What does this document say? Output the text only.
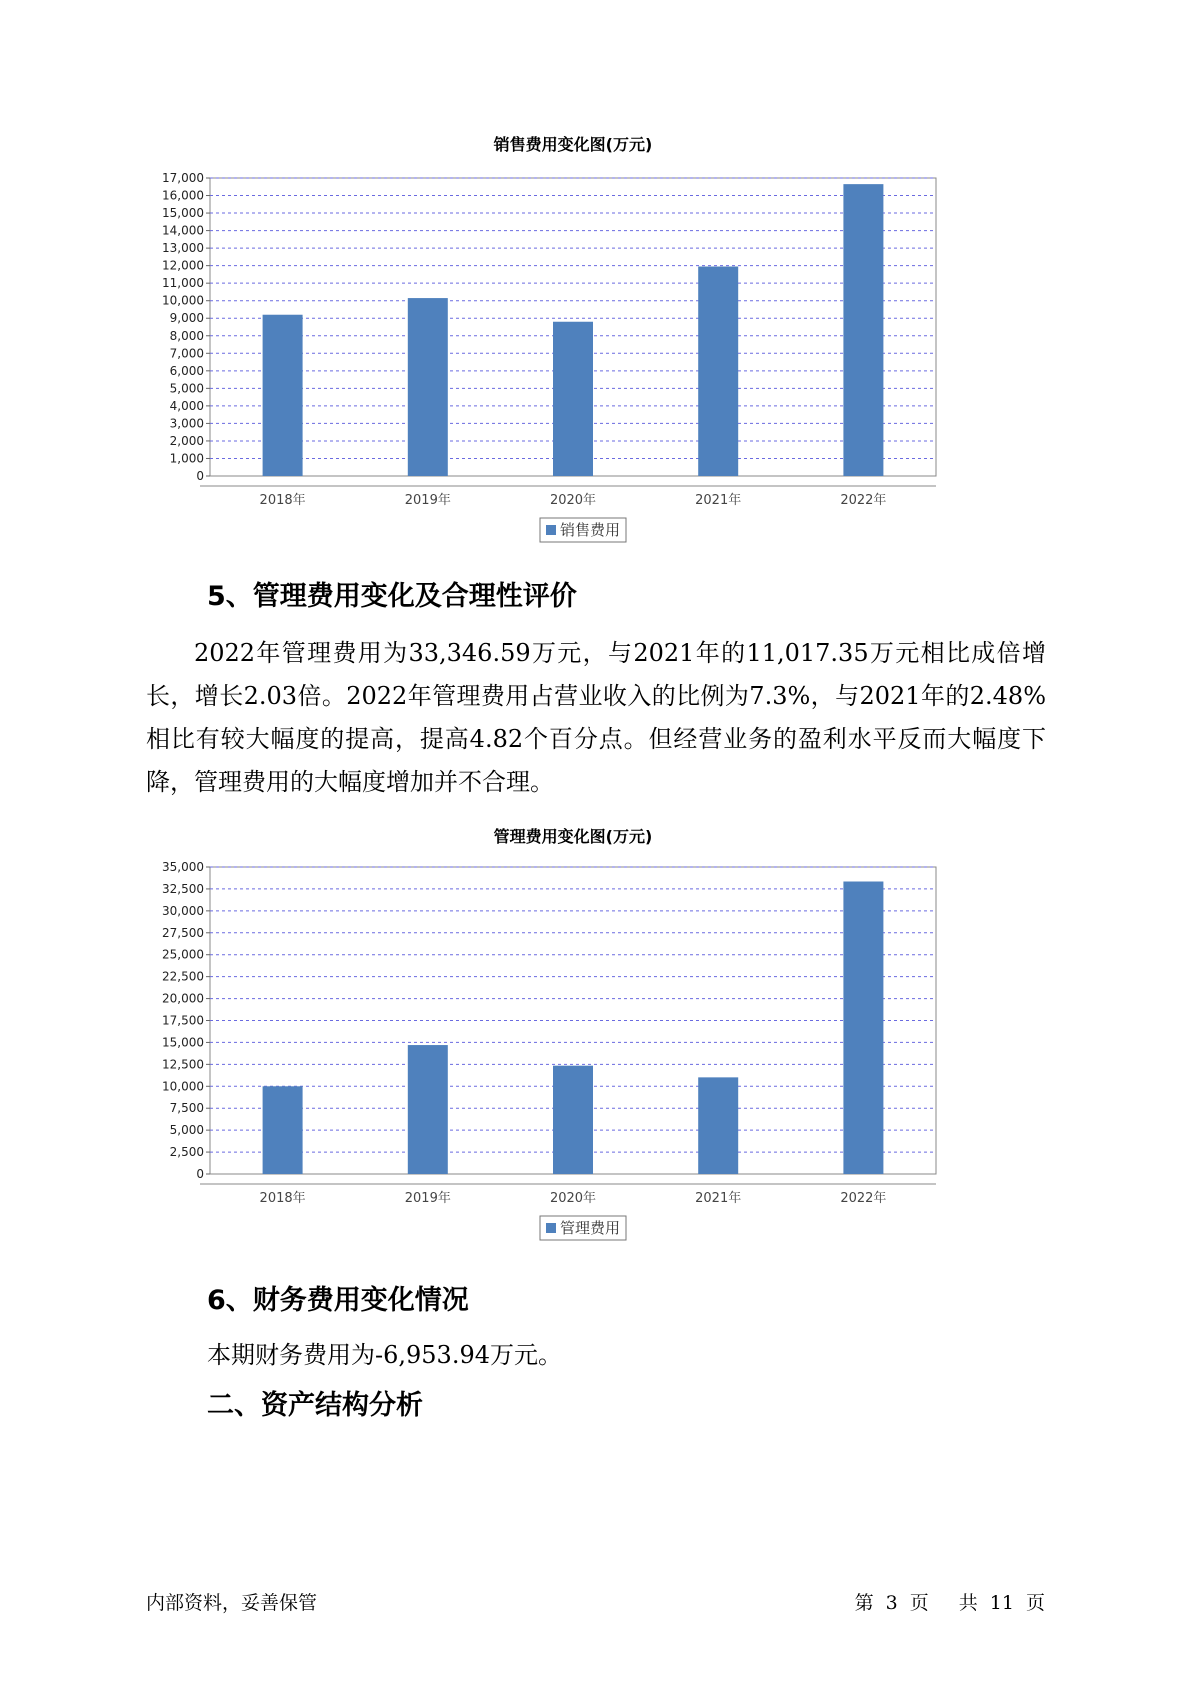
销售费用变化图(万元)
0
1,000
2,000
3,000
4,000
5,000
6,000
7,000
8,000
9,000
10,000
11,000
12,000
13,000
14,000
15,000
16,000
17,000
2018年	2019年	2020年	2021年	2022年
销售费用
5、管理费用变化及合理性评价

2022年管理费用为33,346.59万元，与2021年的11,017.35万元相比成倍增长，增长2.03倍。2022年管理费用占营业收入的比例为7.3%，与2021年的2.48%相比有较大幅度的提高，提高4.82个百分点。但经营业务的盈利水平反而大幅度下降，管理费用的大幅度增加并不合理。

管理费用变化图(万元)
0
2,500
5,000
7,500
10,000
12,500
15,000
17,500
20,000
22,500
25,000
27,500
30,000
32,500
35,000
2018年	2019年	2020年	2021年	2022年
管理费用
6、财务费用变化情况

本期财务费用为-6,953.94万元。

二、资产结构分析
内部资料，妥善保管	第 3 页 共 11 页
